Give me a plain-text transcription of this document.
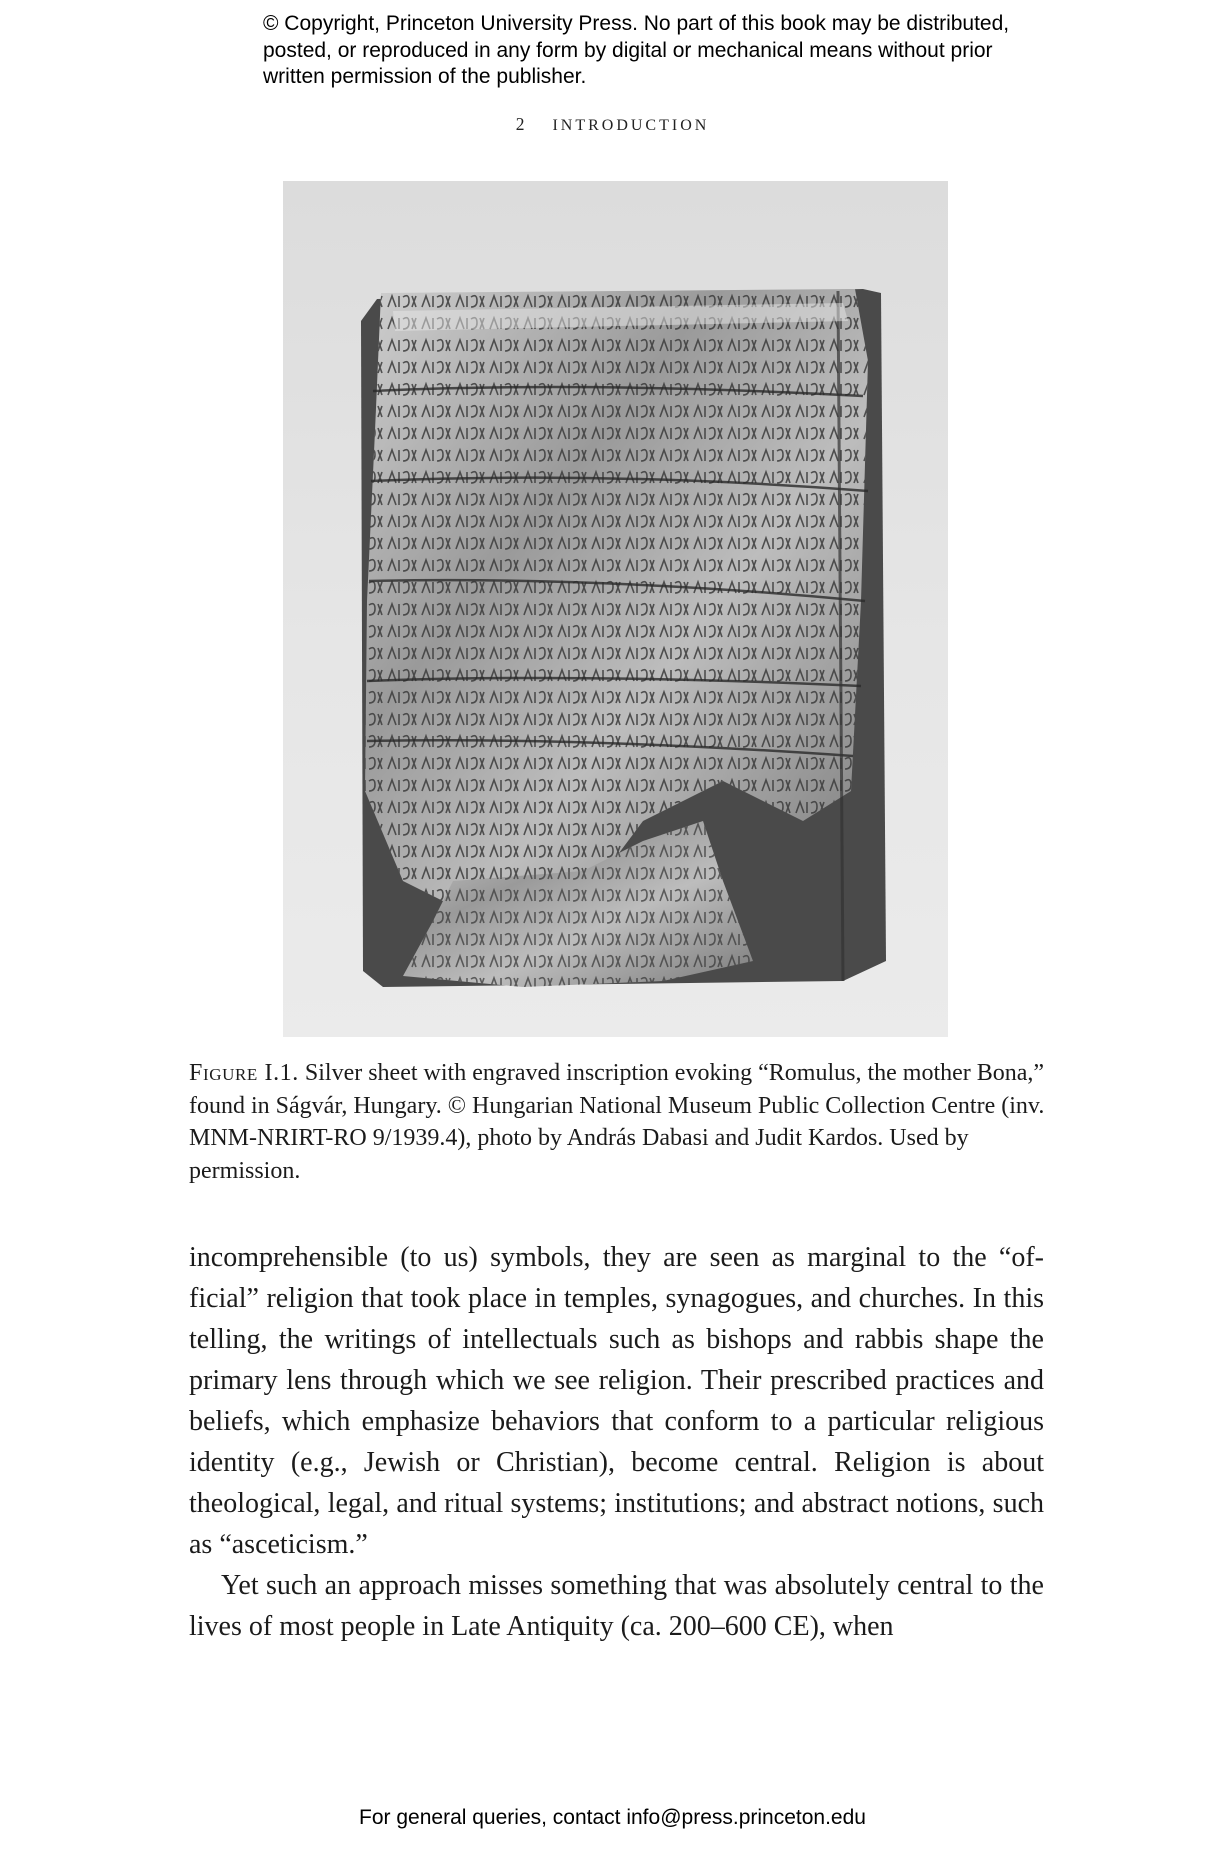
© Copyright, Princeton University Press. No part of this book may be distributed, posted, or reproduced in any form by digital or mechanical means without prior written permission of the publisher.

2 INTRODUCTION

Figure I.1. Silver sheet with engraved inscription evoking “Romulus, the mother Bona,” found in Ságvár, Hungary. © Hungarian National Museum Public Collection Centre (inv. MNM-NRIRT-RO 9/1939.4), photo by András Dabasi and Judit Kardos. Used by permission.

incomprehensible (to us) symbols, they are seen as marginal to the “official” religion that took place in temples, synagogues, and churches. In this telling, the writings of intellectuals such as bishops and rabbis shape the primary lens through which we see religion. Their prescribed practices and beliefs, which emphasize behaviors that conform to a particular religious identity (e.g., Jewish or Christian), become central. Religion is about theological, legal, and ritual systems; institutions; and abstract notions, such as “asceticism.”

Yet such an approach misses something that was absolutely central to the lives of most people in Late Antiquity (ca. 200–600 CE), when

For general queries, contact info@press.princeton.edu
